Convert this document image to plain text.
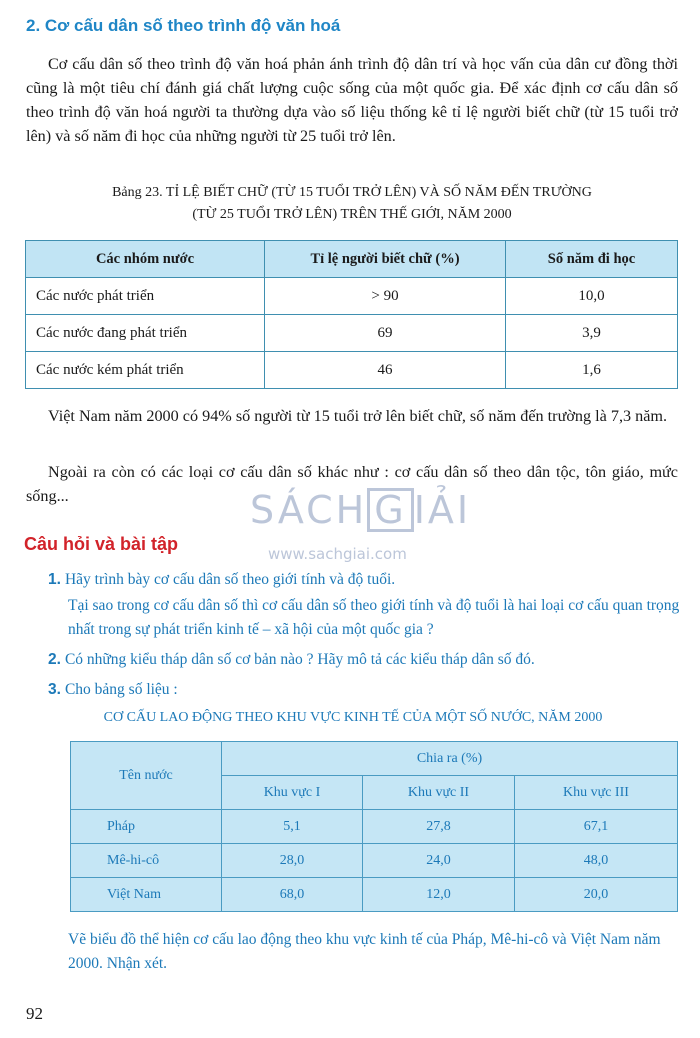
2. Cơ cấu dân số theo trình độ văn hoá

Cơ cấu dân số theo trình độ văn hoá phản ánh trình độ dân trí và học vấn của dân cư đồng thời cũng là một tiêu chí đánh giá chất lượng cuộc sống của một quốc gia. Để xác định cơ cấu dân số theo trình độ văn hoá người ta thường dựa vào số liệu thống kê tỉ lệ người biết chữ (từ 15 tuổi trở lên) và số năm đi học của những người từ 25 tuổi trở lên.

Bảng 23. TỈ LỆ BIẾT CHỮ (TỪ 15 TUỔI TRỞ LÊN) VÀ SỐ NĂM ĐẾN TRƯỜNG

(TỪ 25 TUỔI TRỞ LÊN) TRÊN THẾ GIỚI, NĂM 2000

Các nhóm nước	Tỉ lệ người biết chữ (%)	Số năm đi học
Các nước phát triển	> 90	10,0
Các nước đang phát triển	69	3,9
Các nước kém phát triển	46	1,6

Việt Nam năm 2000 có 94% số người từ 15 tuổi trở lên biết chữ, số năm đến trường là 7,3 năm.

Ngoài ra còn có các loại cơ cấu dân số khác như : cơ cấu dân số theo dân tộc, tôn giáo, mức sống...	SÁCH G IẢI

www.sachgiai.com

Câu hỏi và bài tập

1. Hãy trình bày cơ cấu dân số theo giới tính và độ tuổi.

Tại sao trong cơ cấu dân số thì cơ cấu dân số theo giới tính và độ tuổi là hai loại cơ cấu quan trọng nhất trong sự phát triển kinh tế – xã hội của một quốc gia ?

2. Có những kiểu tháp dân số cơ bản nào ? Hãy mô tả các kiểu tháp dân số đó.

3. Cho bảng số liệu :

CƠ CẤU LAO ĐỘNG THEO KHU VỰC KINH TẾ CỦA MỘT SỐ NƯỚC, NĂM 2000

Tên nước	Chia ra (%)		
	Khu vực I	Khu vực II	Khu vực III
Pháp	5,1	27,8	67,1
Mê-hi-cô	28,0	24,0	48,0
Việt Nam	68,0	12,0	20,0

Vẽ biểu đồ thể hiện cơ cấu lao động theo khu vực kinh tế của Pháp, Mê-hi-cô và Việt Nam năm 2000. Nhận xét.

92
